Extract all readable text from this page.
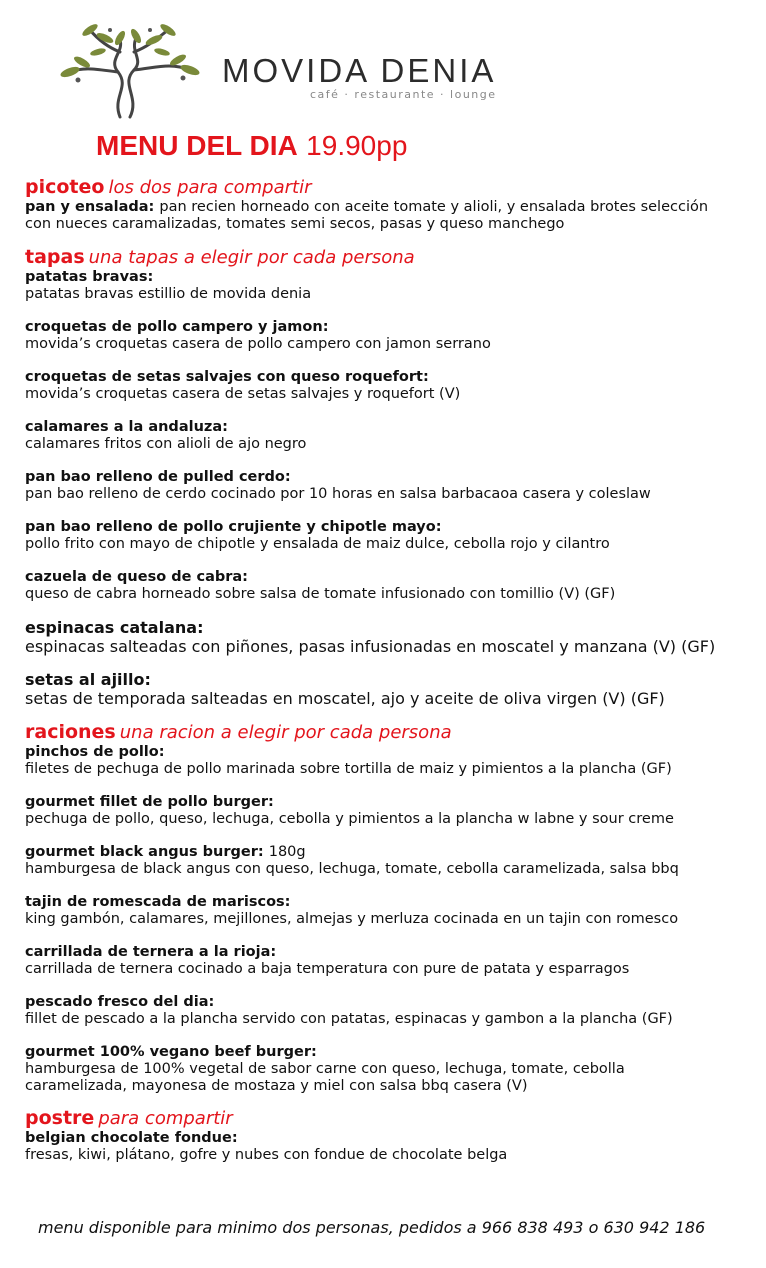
MOVIDA DENIA
café · restaurante · lounge
MENU DEL DIA 19.90pp
picoteo los dos para compartir
pan y ensalada: pan recien horneado con aceite tomate y alioli, y ensalada brotes selección
con nueces caramalizadas, tomates semi secos, pasas y queso manchego
tapas una tapas a elegir por cada persona
patatas bravas:
patatas bravas estillio de movida denia
croquetas de pollo campero y jamon:
movida’s croquetas casera de pollo campero con jamon serrano
croquetas de setas salvajes con queso roquefort:
movida’s croquetas casera de setas salvajes y roquefort (V)
calamares a la andaluza:
calamares fritos con alioli de ajo negro
pan bao relleno de pulled cerdo:
pan bao relleno de cerdo cocinado por 10 horas en salsa barbacaoa casera y coleslaw
pan bao relleno de pollo crujiente y chipotle mayo:
pollo frito con mayo de chipotle y ensalada de maiz dulce, cebolla rojo y cilantro
cazuela de queso de cabra:
queso de cabra horneado sobre salsa de tomate infusionado con tomillio (V) (GF)
espinacas catalana:
espinacas salteadas con piñones, pasas infusionadas en moscatel y manzana (V) (GF)
setas al ajillo:
setas de temporada salteadas en moscatel, ajo y aceite de oliva virgen (V) (GF)
raciones una racion a elegir por cada persona
pinchos de pollo:
filetes de pechuga de pollo marinada sobre tortilla de maiz y pimientos a la plancha (GF)
gourmet fillet de pollo burger:
pechuga de pollo, queso, lechuga, cebolla y pimientos a la plancha w labne y sour creme
gourmet black angus burger: 180g
hamburgesa de black angus con queso, lechuga, tomate, cebolla caramelizada, salsa bbq
tajin de romescada de mariscos:
king gambón, calamares, mejillones, almejas y merluza cocinada en un tajin con romesco
carrillada de ternera a la rioja:
carrillada de ternera cocinado a baja temperatura con pure de patata y esparragos
pescado fresco del dia:
fillet de pescado a la plancha servido con patatas, espinacas y gambon a la plancha (GF)
gourmet 100% vegano beef burger:
hamburgesa de 100% vegetal de sabor carne con queso, lechuga, tomate, cebolla
caramelizada, mayonesa de mostaza y miel con salsa bbq casera (V)
postre para compartir
belgian chocolate fondue:
fresas, kiwi, plátano, gofre y nubes con fondue de chocolate belga
menu disponible para minimo dos personas, pedidos a 966 838 493 o 630 942 186
